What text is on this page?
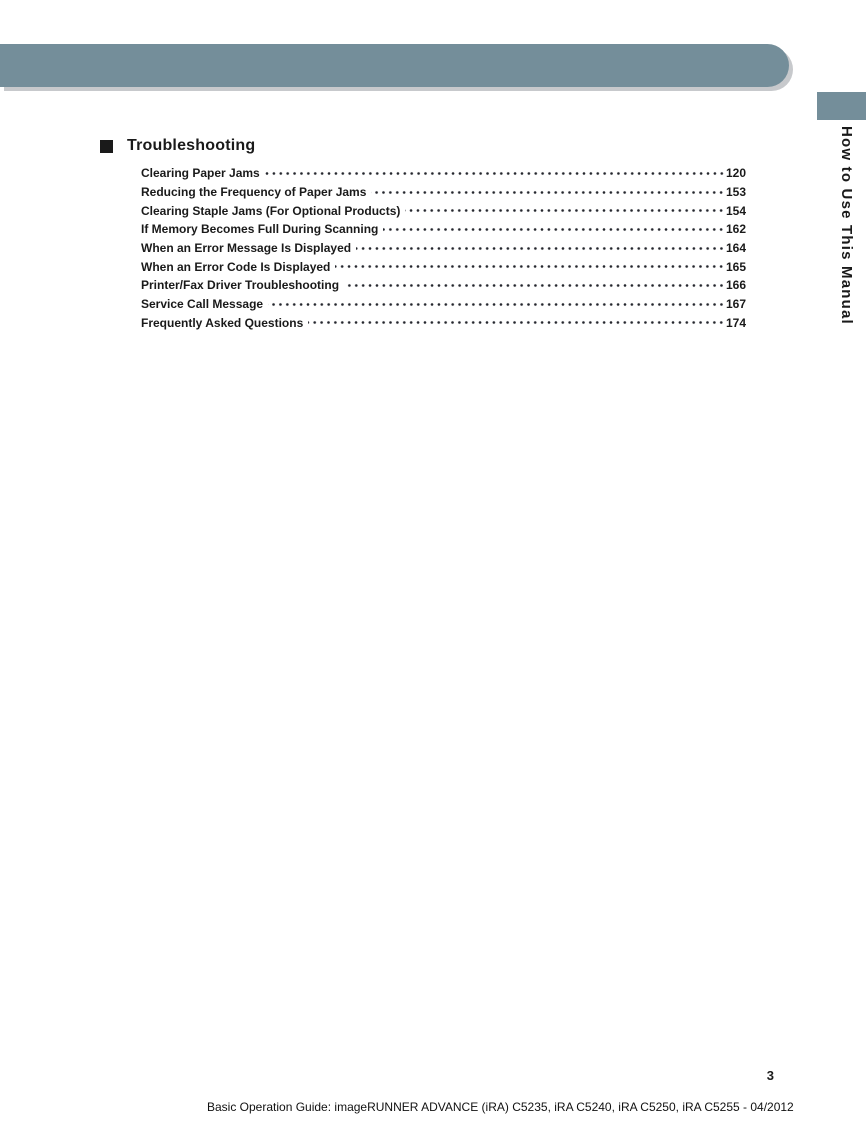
How to Use This Manual
Troubleshooting
Clearing Paper Jams	120
Reducing the Frequency of Paper Jams	153
Clearing Staple Jams (For Optional Products)	154
If Memory Becomes Full During Scanning	162
When an Error Message Is Displayed	164
When an Error Code Is Displayed	165
Printer/Fax Driver Troubleshooting	166
Service Call Message	167
Frequently Asked Questions	174
3
Basic Operation Guide: imageRUNNER ADVANCE (iRA) C5235, iRA C5240, iRA C5250, iRA C5255 - 04/2012
